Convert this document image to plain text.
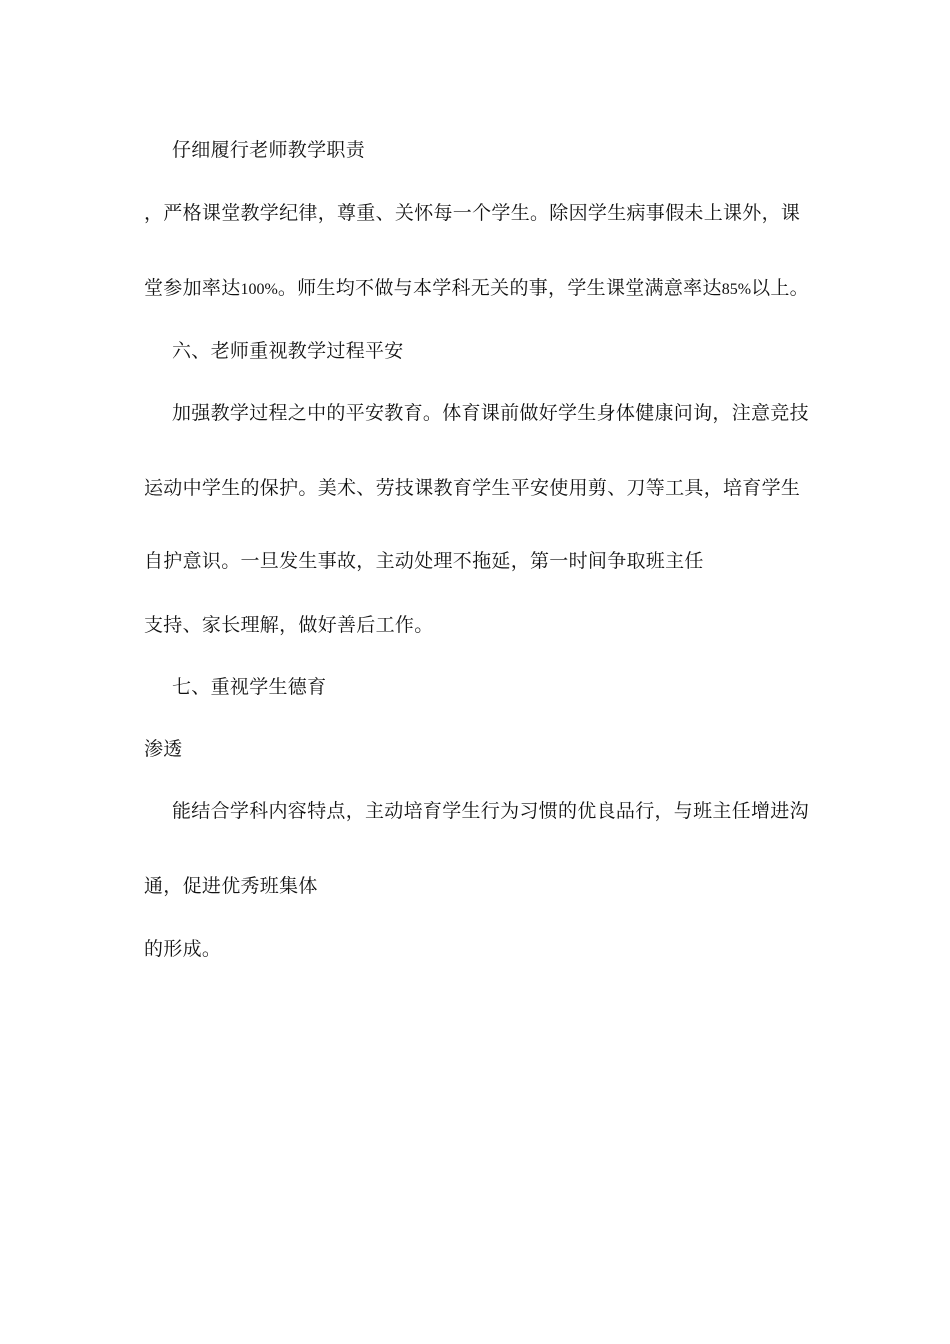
仔细履行老师教学职责
，严格课堂教学纪律，尊重、关怀每一个学生。除因学生病事假未上课外，课
堂参加率达100%。师生均不做与本学科无关的事，学生课堂满意率达85%以上。
六、老师重视教学过程平安
加强教学过程之中的平安教育。体育课前做好学生身体健康问询，注意竞技
运动中学生的保护。美术、劳技课教育学生平安使用剪、刀等工具，培育学生
自护意识。一旦发生事故，主动处理不拖延，第一时间争取班主任
支持、家长理解，做好善后工作。
七、重视学生德育
渗透
能结合学科内容特点，主动培育学生行为习惯的优良品行，与班主任增进沟
通，促进优秀班集体
的形成。
